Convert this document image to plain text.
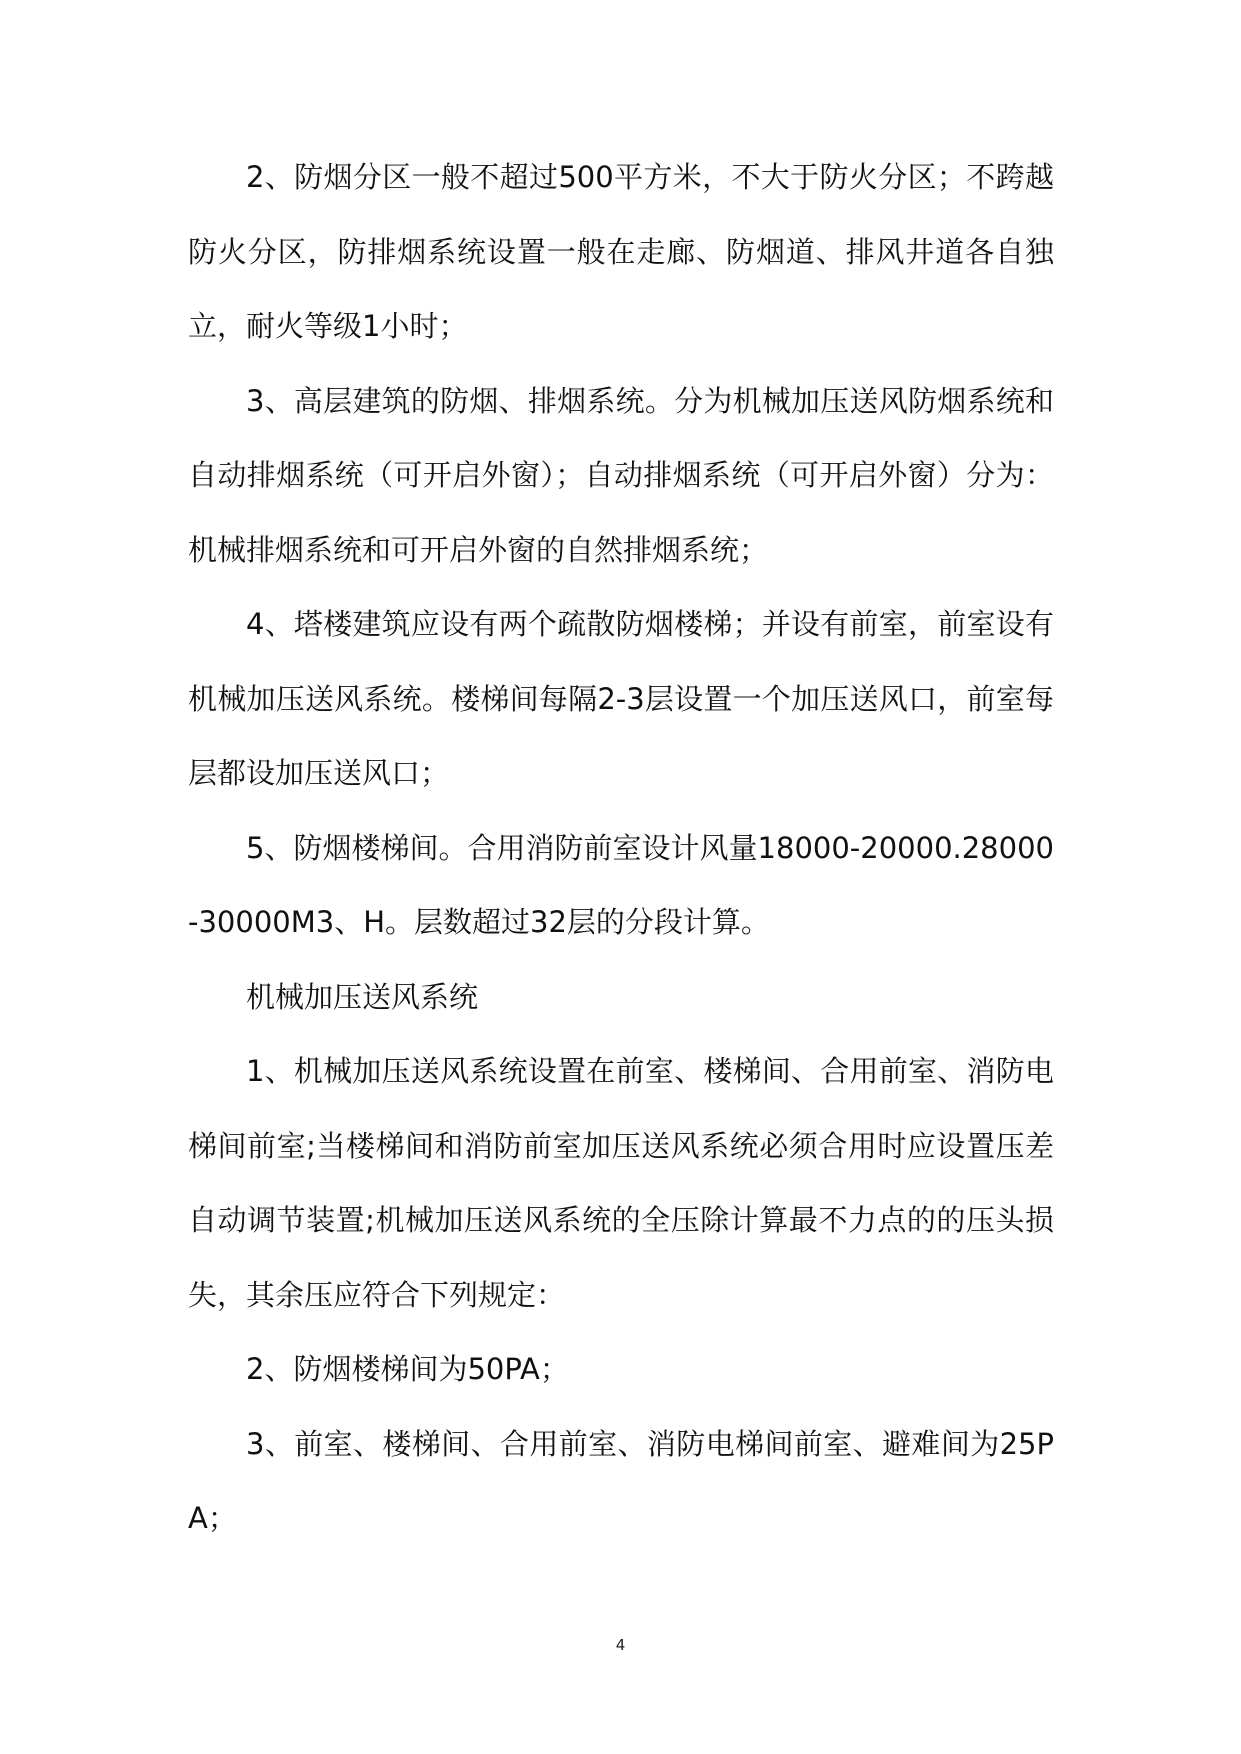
2、防烟分区一般不超过500平方米，不大于防火分区；不跨越防火分区，防排烟系统设置一般在走廊、防烟道、排风井道各自独立，耐火等级1小时；

3、高层建筑的防烟、排烟系统。分为机械加压送风防烟系统和自动排烟系统（可开启外窗）；自动排烟系统（可开启外窗）分为：机械排烟系统和可开启外窗的自然排烟系统；

4、塔楼建筑应设有两个疏散防烟楼梯；并设有前室，前室设有机械加压送风系统。楼梯间每隔2-3层设置一个加压送风口，前室每层都设加压送风口；

5、防烟楼梯间。合用消防前室设计风量18000-20000.28000-30000M3、H。层数超过32层的分段计算。

机械加压送风系统

1、机械加压送风系统设置在前室、楼梯间、合用前室、消防电梯间前室;当楼梯间和消防前室加压送风系统必须合用时应设置压差自动调节装置;机械加压送风系统的全压除计算最不力点的的压头损失，其余压应符合下列规定：

2、防烟楼梯间为50PA；

3、前室、楼梯间、合用前室、消防电梯间前室、避难间为25PA；

4
